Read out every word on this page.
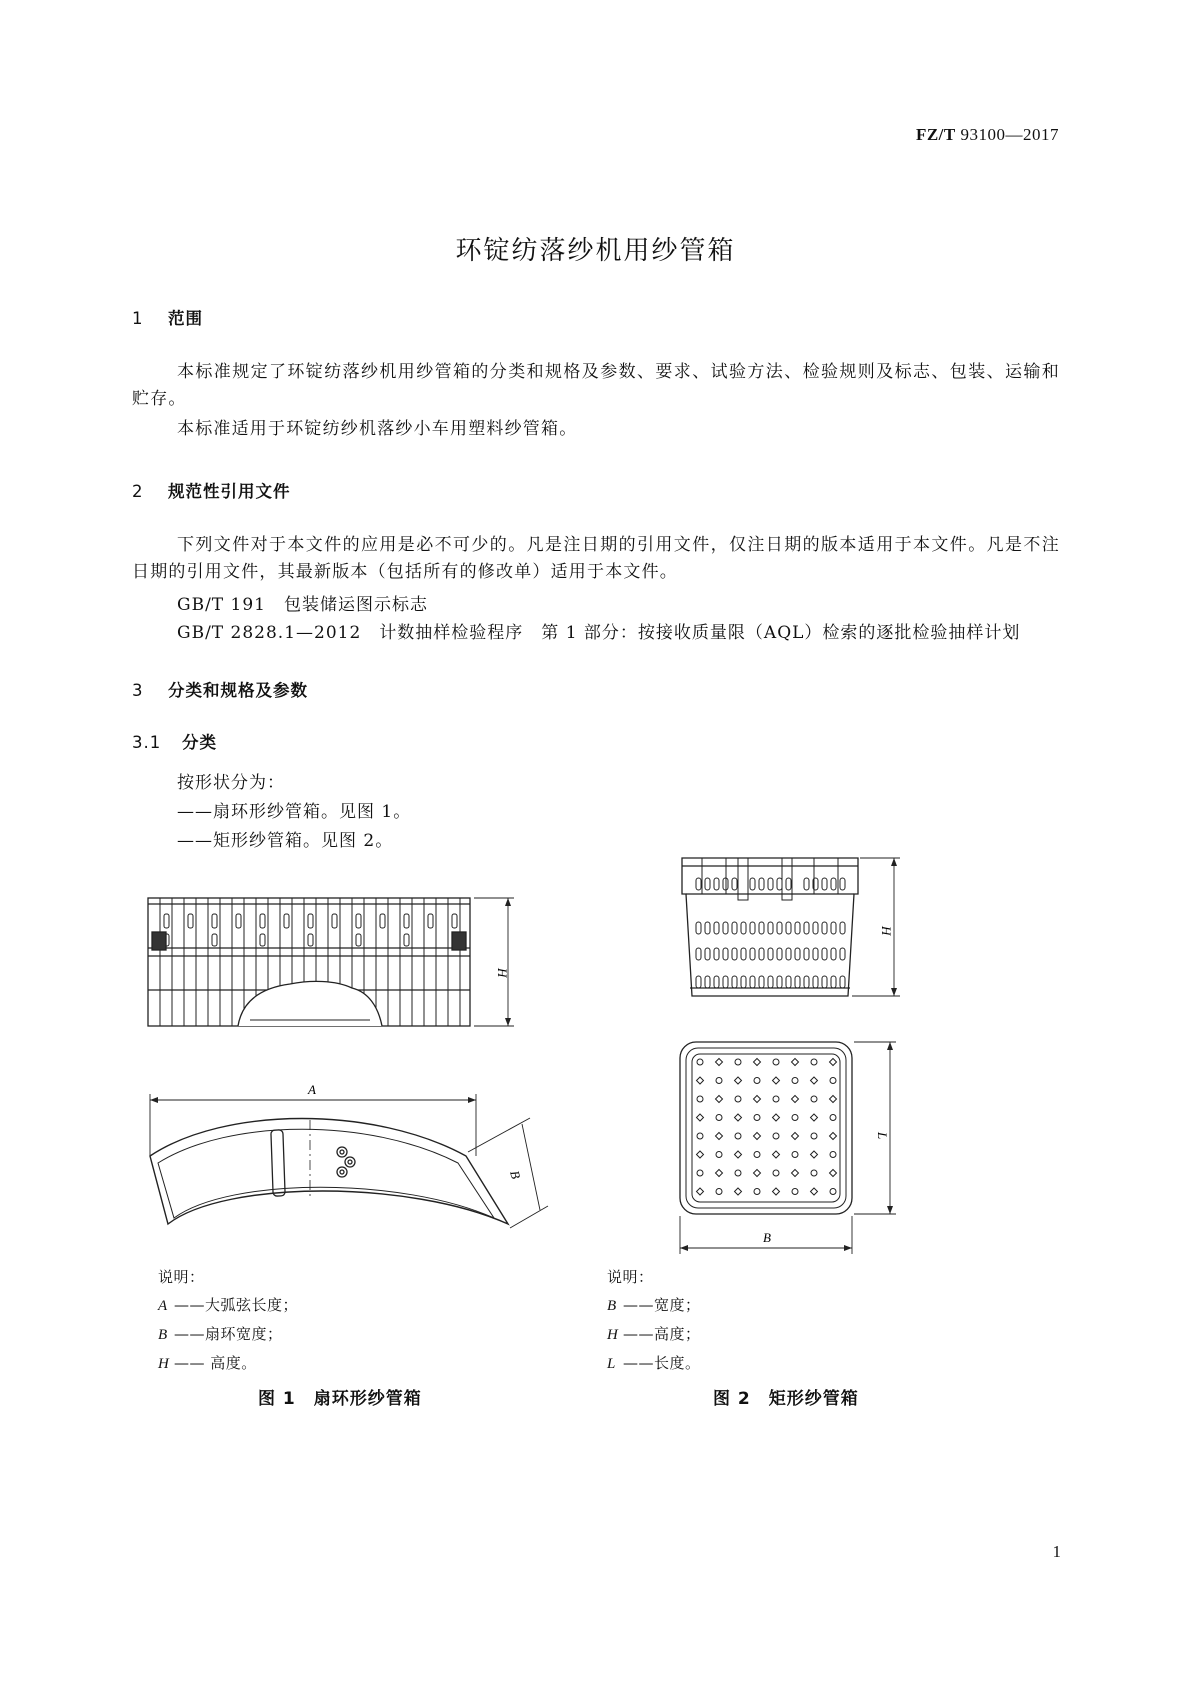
FZ/T 93100—2017
环锭纺落纱机用纱管箱
1 范围
本标准规定了环锭纺落纱机用纱管箱的分类和规格及参数、要求、试验方法、检验规则及标志、包装、运输和贮存。
本标准适用于环锭纺纱机落纱小车用塑料纱管箱。
2 规范性引用文件
下列文件对于本文件的应用是必不可少的。凡是注日期的引用文件，仅注日期的版本适用于本文件。凡是不注日期的引用文件，其最新版本（包括所有的修改单）适用于本文件。
GB/T 191　包装储运图示标志
GB/T 2828.1—2012　计数抽样检验程序　第 1 部分：按接收质量限（AQL）检索的逐批检验抽样计划
3 分类和规格及参数
3.1 分类
按形状分为：
——扇环形纱管箱。见图 1。
——矩形纱管箱。见图 2。
H
A
B
H
L
B
说明：
A ——大弧弦长度；
B ——扇环宽度；
H —— 高度。
图 1　扇环形纱管箱
说明：
B ——宽度；
H ——高度；
L ——长度。
图 2　矩形纱管箱
1
